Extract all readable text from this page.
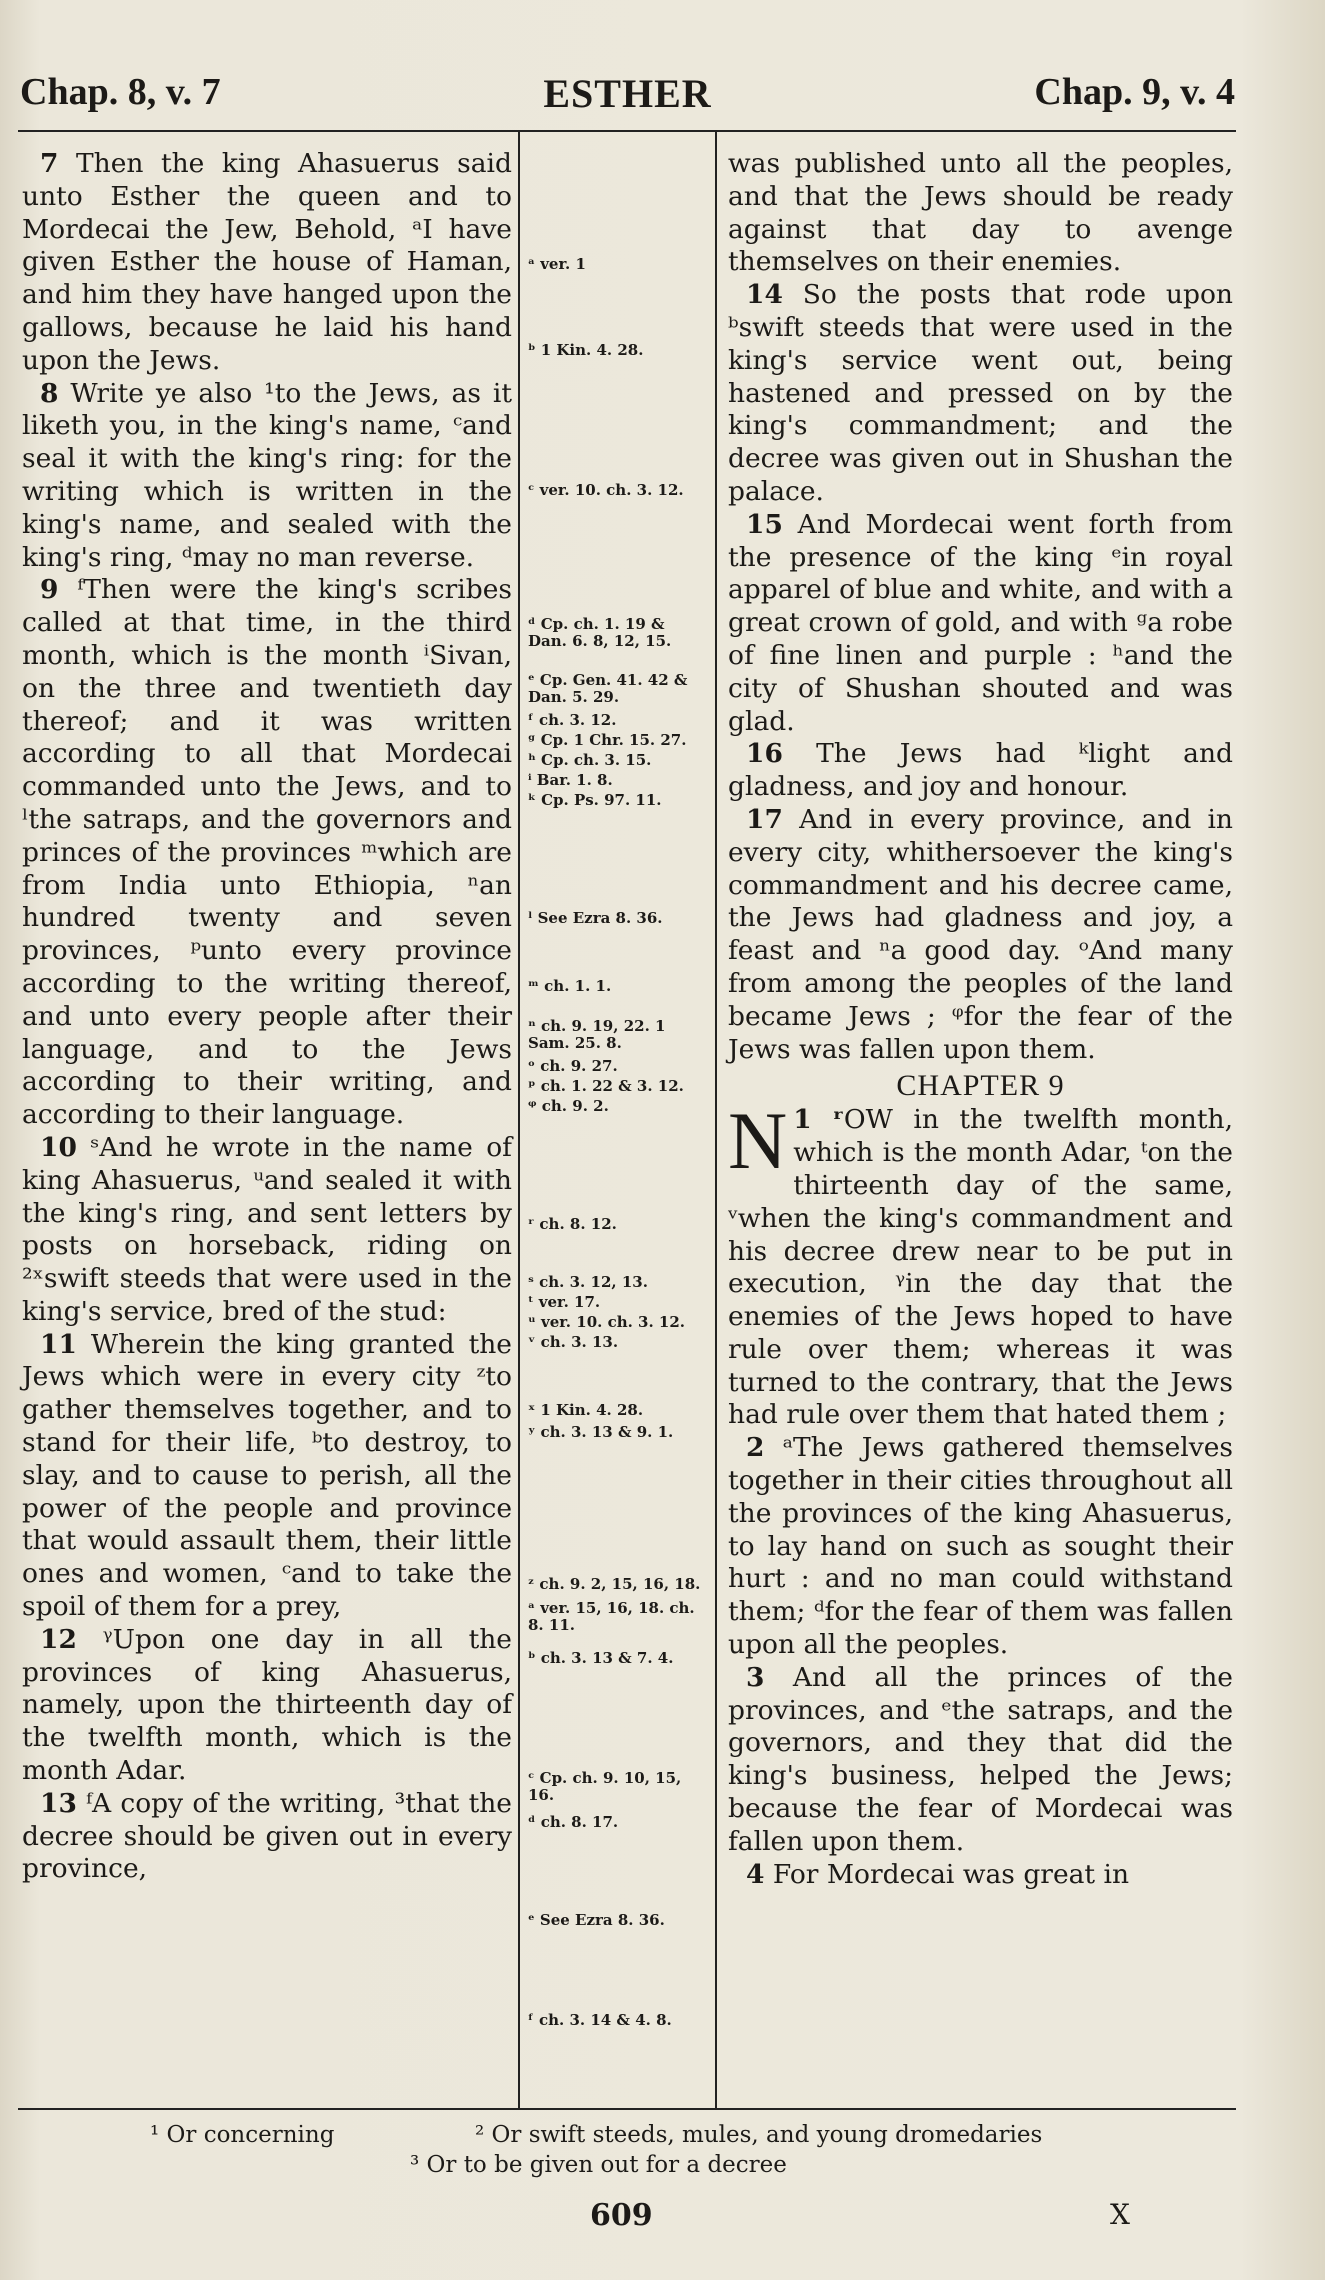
Chap. 8, v. 7	ESTHER	Chap. 9, v. 4

7 Then the king Ahasuerus said unto Esther the queen and to Mordecai the Jew, Behold, ᵃI have given Esther the house of Haman, and him they have hanged upon the gallows, because he laid his hand upon the Jews.

8 Write ye also ¹to the Jews, as it liketh you, in the king's name, ᶜand seal it with the king's ring: for the writing which is written in the king's name, and sealed with the king's ring, ᵈmay no man reverse.

9 ᶠThen were the king's scribes called at that time, in the third month, which is the month ⁱSivan, on the three and twentieth day thereof; and it was written according to all that Mordecai commanded unto the Jews, and to ˡthe satraps, and the governors and princes of the provinces ᵐwhich are from India unto Ethiopia, ⁿan hundred twenty and seven provinces, ᵖunto every province according to the writing thereof, and unto every people after their language, and to the Jews according to their writing, and according to their language.

10 ˢAnd he wrote in the name of king Ahasuerus, ᵘand sealed it with the king's ring, and sent letters by posts on horseback, riding on ²ˣswift steeds that were used in the king's service, bred of the stud:

11 Wherein the king granted the Jews which were in every city ᶻto gather themselves together, and to stand for their life, ᵇto destroy, to slay, and to cause to perish, all the power of the people and province that would assault them, their little ones and women, ᶜand to take the spoil of them for a prey,

12 ᵞUpon one day in all the provinces of king Ahasuerus, namely, upon the thirteenth day of the twelfth month, which is the month Adar.

13 ᶠA copy of the writing, ³that the decree should be given out in every province,

ᵃ ver. 1
ᵇ 1 Kin. 4. 28.
ᶜ ver. 10. ch. 3. 12.
ᵈ Cp. ch. 1. 19 & Dan. 6. 8, 12, 15.
ᵉ Cp. Gen. 41. 42 & Dan. 5. 29.
ᶠ ch. 3. 12.
ᵍ Cp. 1 Chr. 15. 27.
ʰ Cp. ch. 3. 15.
ⁱ Bar. 1. 8.
ᵏ Cp. Ps. 97. 11.
ˡ See Ezra 8. 36.
ᵐ ch. 1. 1.
ⁿ ch. 9. 19, 22. 1 Sam. 25. 8.
ᵒ ch. 9. 27.
ᵖ ch. 1. 22 & 3. 12.
ᵠ ch. 9. 2.
ʳ ch. 8. 12.
ˢ ch. 3. 12, 13.
ᵗ ver. 17.
ᵘ ver. 10. ch. 3. 12.
ᵛ ch. 3. 13.
ˣ 1 Kin. 4. 28.
ʸ ch. 3. 13 & 9. 1.
ᶻ ch. 9. 2, 15, 16, 18.
ᵃ ver. 15, 16, 18. ch. 8. 11.
ᵇ ch. 3. 13 & 7. 4.
ᶜ Cp. ch. 9. 10, 15, 16.
ᵈ ch. 8. 17.
ᵉ See Ezra 8. 36.
ᶠ ch. 3. 14 & 4. 8.

was published unto all the peoples, and that the Jews should be ready against that day to avenge themselves on their enemies.

14 So the posts that rode upon ᵇswift steeds that were used in the king's service went out, being hastened and pressed on by the king's commandment; and the decree was given out in Shushan the palace.

15 And Mordecai went forth from the presence of the king ᵉin royal apparel of blue and white, and with a great crown of gold, and with ᵍa robe of fine linen and purple : ʰand the city of Shushan shouted and was glad.

16 The Jews had ᵏlight and gladness, and joy and honour.

17 And in every province, and in every city, whithersoever the king's commandment and his decree came, the Jews had gladness and joy, a feast and ⁿa good day. ᵒAnd many from among the peoples of the land became Jews ; ᵠfor the fear of the Jews was fallen upon them.

CHAPTER 9

1 ʳ
N OW in the twelfth month, which is the month Adar, ᵗon the thirteenth day of the same, ᵛwhen the king's commandment and his decree drew near to be put in execution, ᵞin the day that the enemies of the Jews hoped to have rule over them; whereas it was turned to the contrary, that the Jews had rule over them that hated them ;

2 ᵃThe Jews gathered themselves together in their cities throughout all the provinces of the king Ahasuerus, to lay hand on such as sought their hurt : and no man could withstand them; ᵈfor the fear of them was fallen upon all the peoples.

3 And all the princes of the provinces, and ᵉthe satraps, and the governors, and they that did the king's business, helped the Jews; because the fear of Mordecai was fallen upon them.

4 For Mordecai was great in

¹ Or concerning	² Or swift steeds, mules, and young dromedaries
³ Or to be given out for a decree
609	X
